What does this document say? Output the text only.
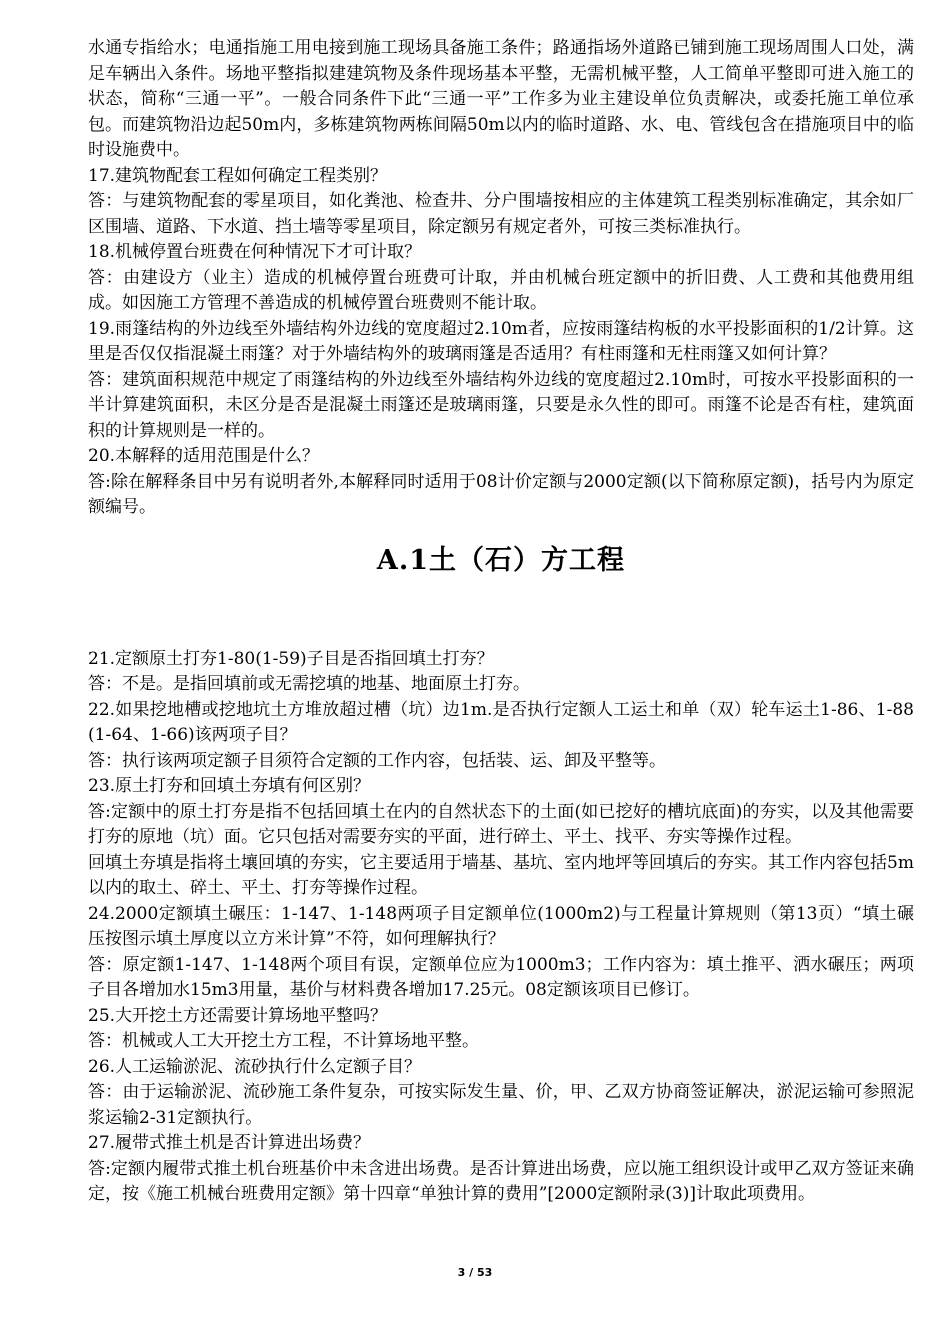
水通专指给水；电通指施工用电接到施工现场具备施工条件；路通指场外道路已铺到施工现场周围人口处，满足车辆出入条件。场地平整指拟建建筑物及条件现场基本平整，无需机械平整，人工简单平整即可进入施工的状态，简称“三通一平”。一般合同条件下此“三通一平”工作多为业主建设单位负责解决，或委托施工单位承包。而建筑物沿边起50m内，多栋建筑物两栋间隔50m以内的临时道路、水、电、管线包含在措施项目中的临时设施费中。

17.建筑物配套工程如何确定工程类别？

答：与建筑物配套的零星项目，如化粪池、检查井、分户围墙按相应的主体建筑工程类别标准确定，其余如厂区围墙、道路、下水道、挡土墙等零星项目，除定额另有规定者外，可按三类标准执行。

18.机械停置台班费在何种情况下才可计取？

答：由建设方（业主）造成的机械停置台班费可计取，并由机械台班定额中的折旧费、人工费和其他费用组成。如因施工方管理不善造成的机械停置台班费则不能计取。

19.雨篷结构的外边线至外墙结构外边线的宽度超过2.10m者，应按雨篷结构板的水平投影面积的1/2计算。这里是否仅仅指混凝土雨篷？对于外墙结构外的玻璃雨篷是否适用？有柱雨篷和无柱雨篷又如何计算？

答：建筑面积规范中规定了雨篷结构的外边线至外墙结构外边线的宽度超过2.10m时，可按水平投影面积的一半计算建筑面积，未区分是否是混凝土雨篷还是玻璃雨篷，只要是永久性的即可。雨篷不论是否有柱，建筑面积的计算规则是一样的。

20.本解释的适用范围是什么？

答:除在解释条目中另有说明者外,本解释同时适用于08计价定额与2000定额(以下简称原定额)，括号内为原定额编号。

A.1土（石）方工程

21.定额原土打夯1-80(1-59)子目是否指回填土打夯？

答：不是。是指回填前或无需挖填的地基、地面原土打夯。

22.如果挖地槽或挖地坑土方堆放超过槽（坑）边1m.是否执行定额人工运土和单（双）轮车运土1-86、1-88(1-64、1-66)该两项子目？

答：执行该两项定额子目须符合定额的工作内容，包括装、运、卸及平整等。

23.原土打夯和回填土夯填有何区别？

答:定额中的原土打夯是指不包括回填土在内的自然状态下的土面(如已挖好的槽坑底面)的夯实，以及其他需要打夯的原地（坑）面。它只包括对需要夯实的平面，进行碎土、平土、找平、夯实等操作过程。

回填土夯填是指将土壤回填的夯实，它主要适用于墙基、基坑、室内地坪等回填后的夯实。其工作内容包括5m以内的取土、碎土、平土、打夯等操作过程。

24.2000定额填土碾压：1-147、1-148两项子目定额单位(1000m2)与工程量计算规则（第13页）“填土碾压按图示填土厚度以立方米计算”不符，如何理解执行？

答：原定额1-147、1-148两个项目有误，定额单位应为1000m3；工作内容为：填土推平、洒水碾压；两项子目各增加水15m3用量，基价与材料费各增加17.25元。08定额该项目已修订。

25.大开挖土方还需要计算场地平整吗？

答：机械或人工大开挖土方工程，不计算场地平整。

26.人工运输淤泥、流砂执行什么定额子目？

答：由于运输淤泥、流砂施工条件复杂，可按实际发生量、价，甲、乙双方协商签证解决，淤泥运输可参照泥浆运输2-31定额执行。

27.履带式推土机是否计算进出场费？

答:定额内履带式推土机台班基价中未含进出场费。是否计算进出场费，应以施工组织设计或甲乙双方签证来确定，按《施工机械台班费用定额》第十四章“单独计算的费用”[2000定额附录(3)]计取此项费用。

3 / 53
